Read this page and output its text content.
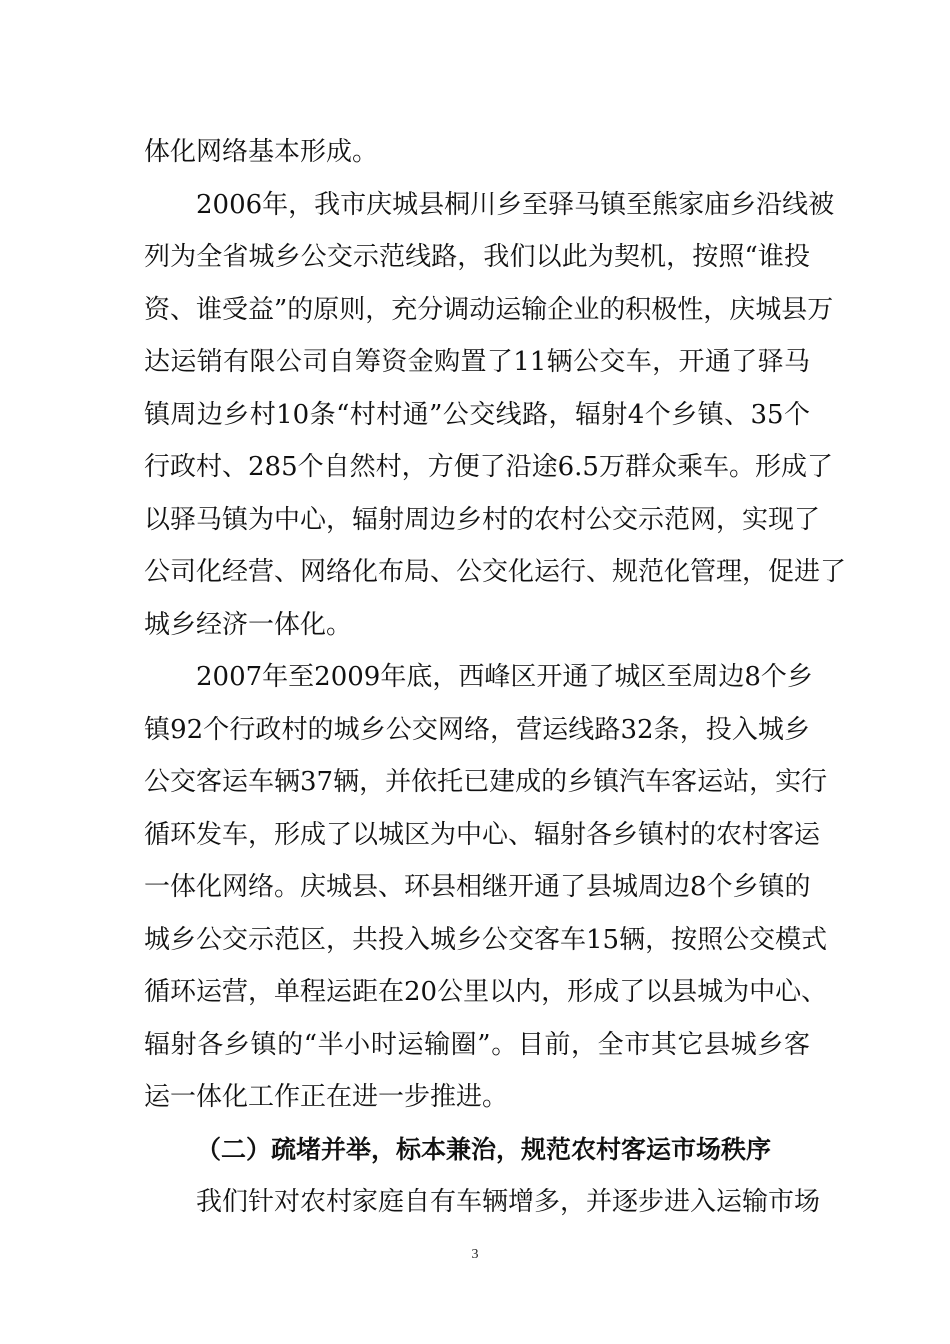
体化网络基本形成。
2006年，我市庆城县桐川乡至驿马镇至熊家庙乡沿线被
列为全省城乡公交示范线路，我们以此为契机，按照“谁投
资、谁受益”的原则，充分调动运输企业的积极性，庆城县万
达运销有限公司自筹资金购置了11辆公交车，开通了驿马
镇周边乡村10条“村村通”公交线路，辐射4个乡镇、35个
行政村、285个自然村，方便了沿途6.5万群众乘车。形成了
以驿马镇为中心，辐射周边乡村的农村公交示范网，实现了
公司化经营、网络化布局、公交化运行、规范化管理，促进了
城乡经济一体化。
2007年至2009年底，西峰区开通了城区至周边8个乡
镇92个行政村的城乡公交网络，营运线路32条，投入城乡
公交客运车辆37辆，并依托已建成的乡镇汽车客运站，实行
循环发车，形成了以城区为中心、辐射各乡镇村的农村客运
一体化网络。庆城县、环县相继开通了县城周边8个乡镇的
城乡公交示范区，共投入城乡公交客车15辆，按照公交模式
循环运营，单程运距在20公里以内，形成了以县城为中心、
辐射各乡镇的“半小时运输圈”。目前，全市其它县城乡客
运一体化工作正在进一步推进。
（二）疏堵并举，标本兼治，规范农村客运市场秩序
我们针对农村家庭自有车辆增多，并逐步进入运输市场
3
